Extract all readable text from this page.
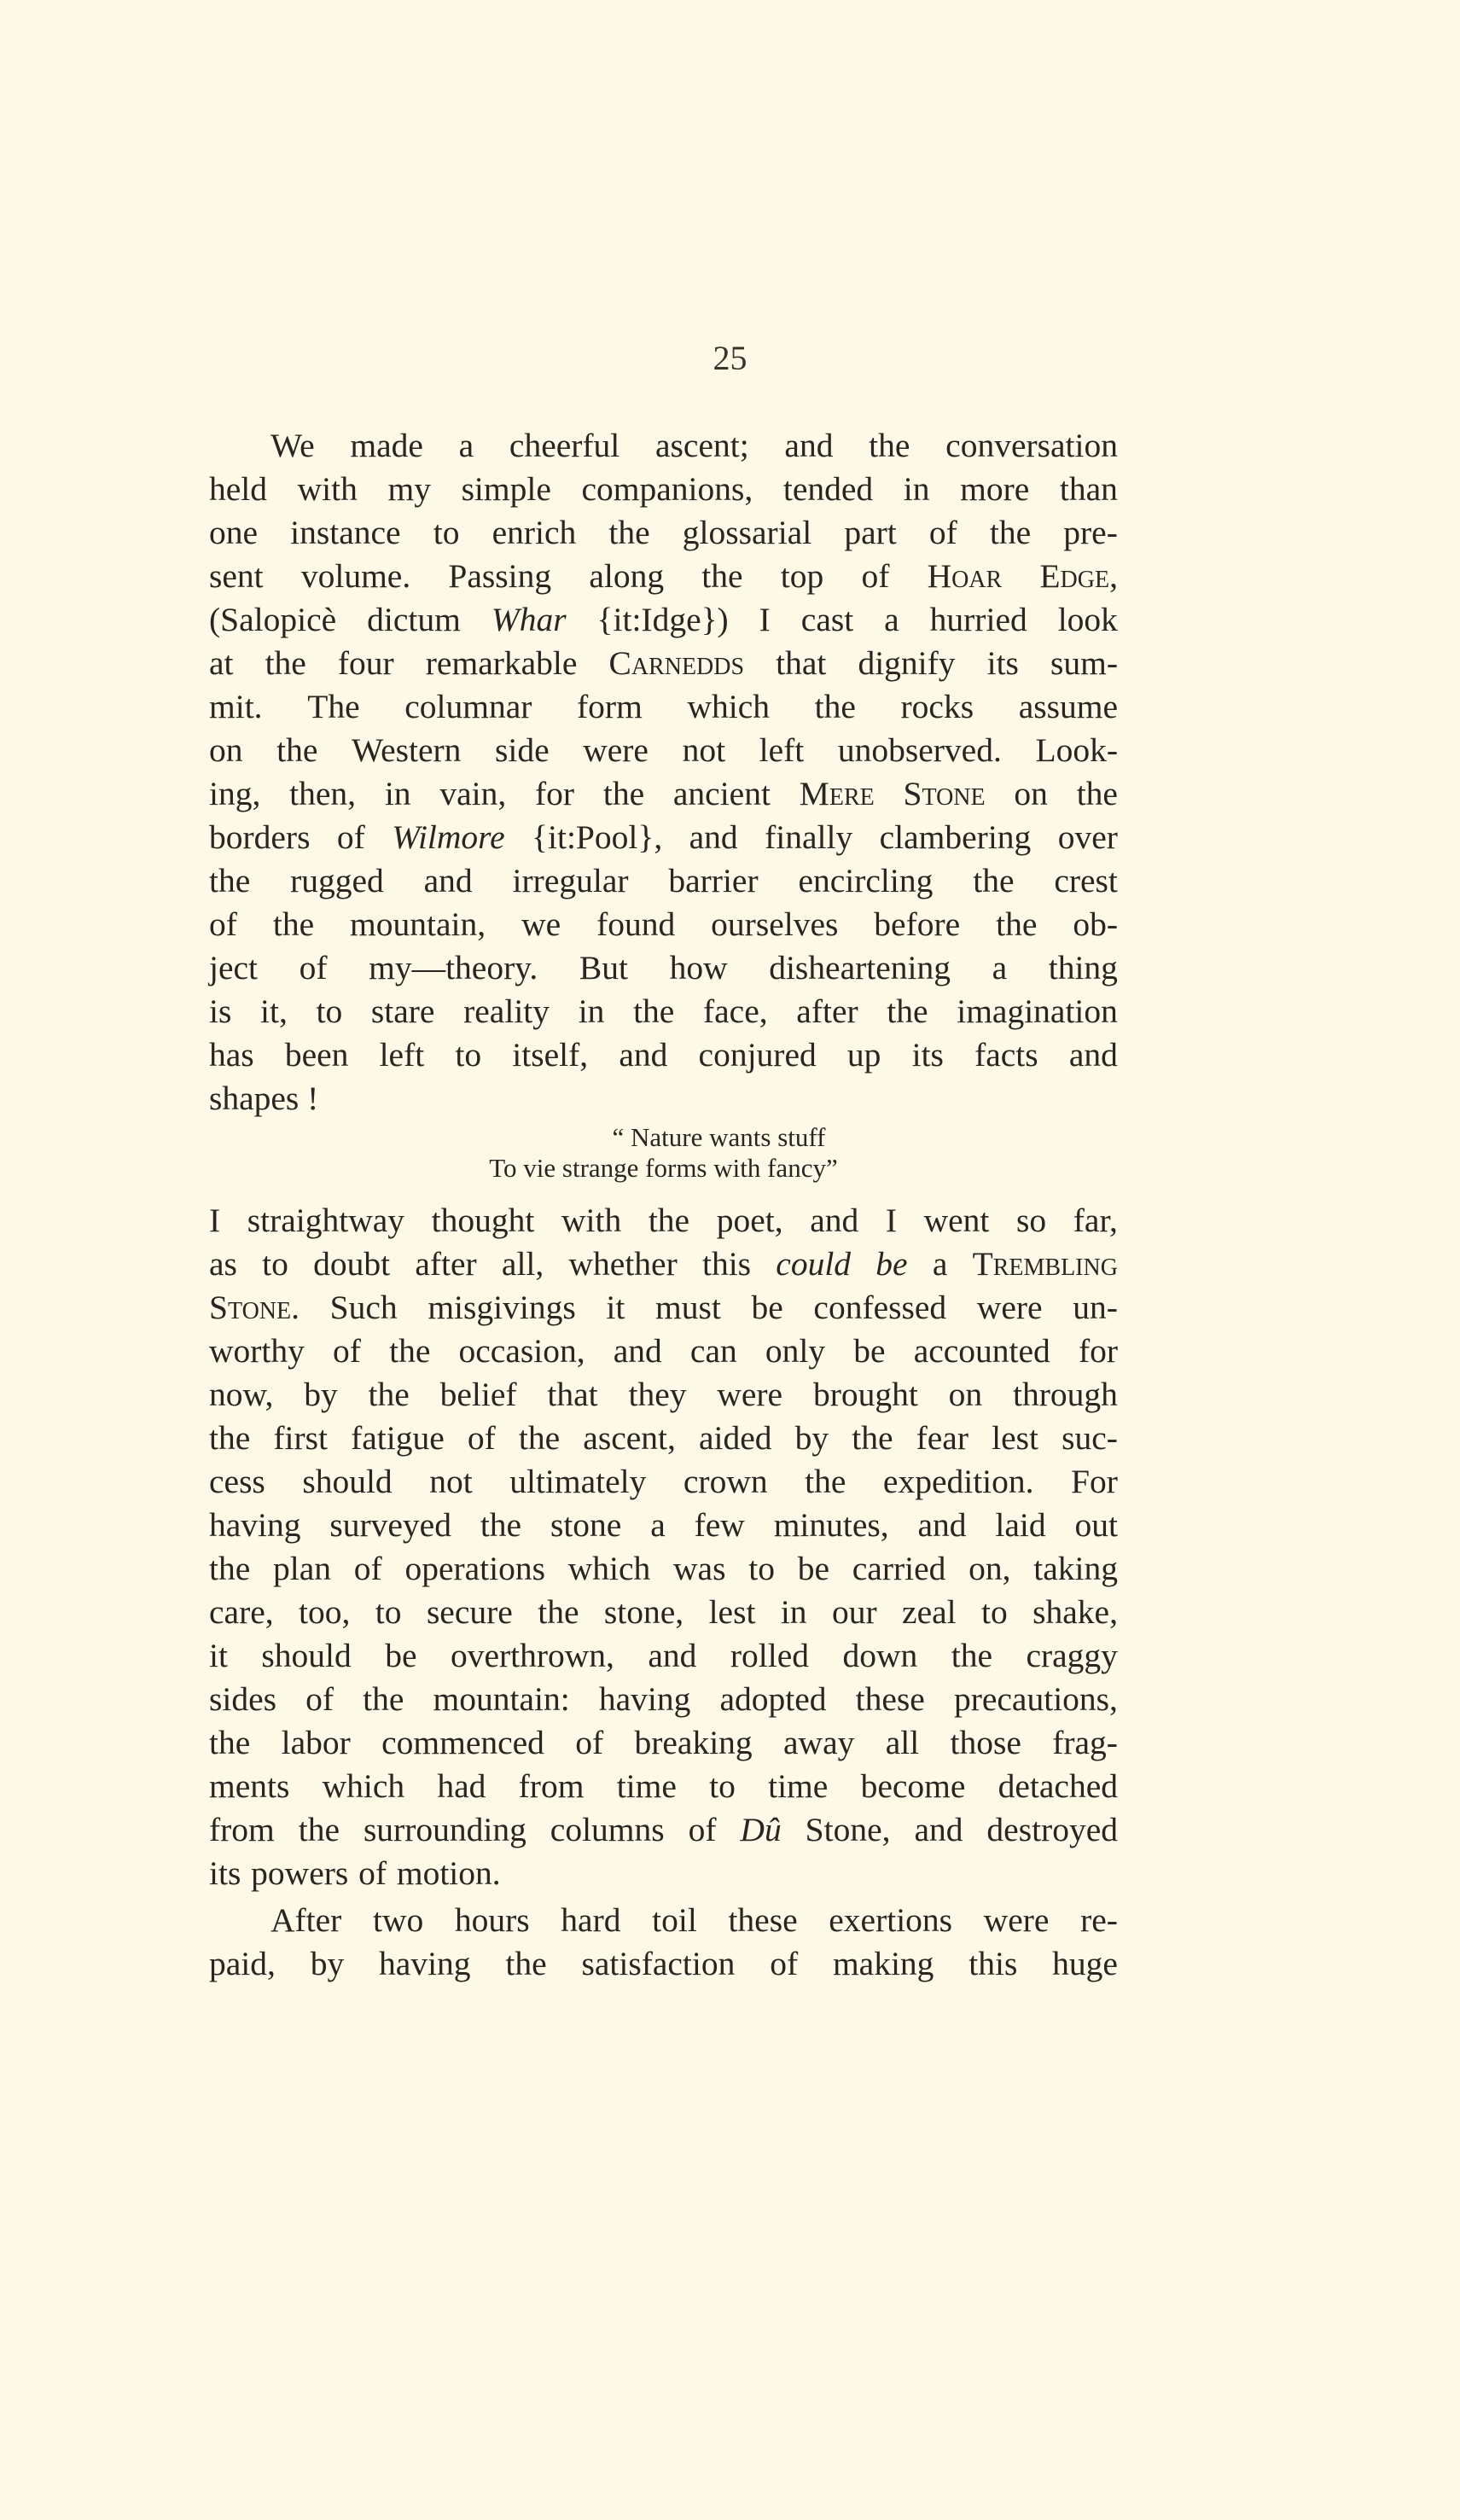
25
We made a cheerful ascent; and the conversation
held with my simple companions, tended in more than
one instance to enrich the glossarial part of the pre-
sent volume. Passing along the top of Hoar Edge,
(Salopicè dictum Whar {it:Idge}) I cast a hurried look
at the four remarkable Carnedds that dignify its sum-
mit. The columnar form which the rocks assume
on the Western side were not left unobserved. Look-
ing, then, in vain, for the ancient Mere Stone on the
borders of Wilmore {it:Pool}, and finally clambering over
the rugged and irregular barrier encircling the crest
of the mountain, we found ourselves before the ob-
ject of my—theory. But how disheartening a thing
is it, to stare reality in the face, after the imagination
has been left to itself, and conjured up its facts and
shapes !
“ Nature wants stuff
To vie strange forms with fancy”
I straightway thought with the poet, and I went so far,
as to doubt after all, whether this could be a Trembling
Stone. Such misgivings it must be confessed were un-
worthy of the occasion, and can only be accounted for
now, by the belief that they were brought on through
the first fatigue of the ascent, aided by the fear lest suc-
cess should not ultimately crown the expedition. For
having surveyed the stone a few minutes, and laid out
the plan of operations which was to be carried on, taking
care, too, to secure the stone, lest in our zeal to shake,
it should be overthrown, and rolled down the craggy
sides of the mountain: having adopted these precautions,
the labor commenced of breaking away all those frag-
ments which had from time to time become detached
from the surrounding columns of Dû Stone, and destroyed
its powers of motion.
After two hours hard toil these exertions were re-
paid, by having the satisfaction of making this huge
